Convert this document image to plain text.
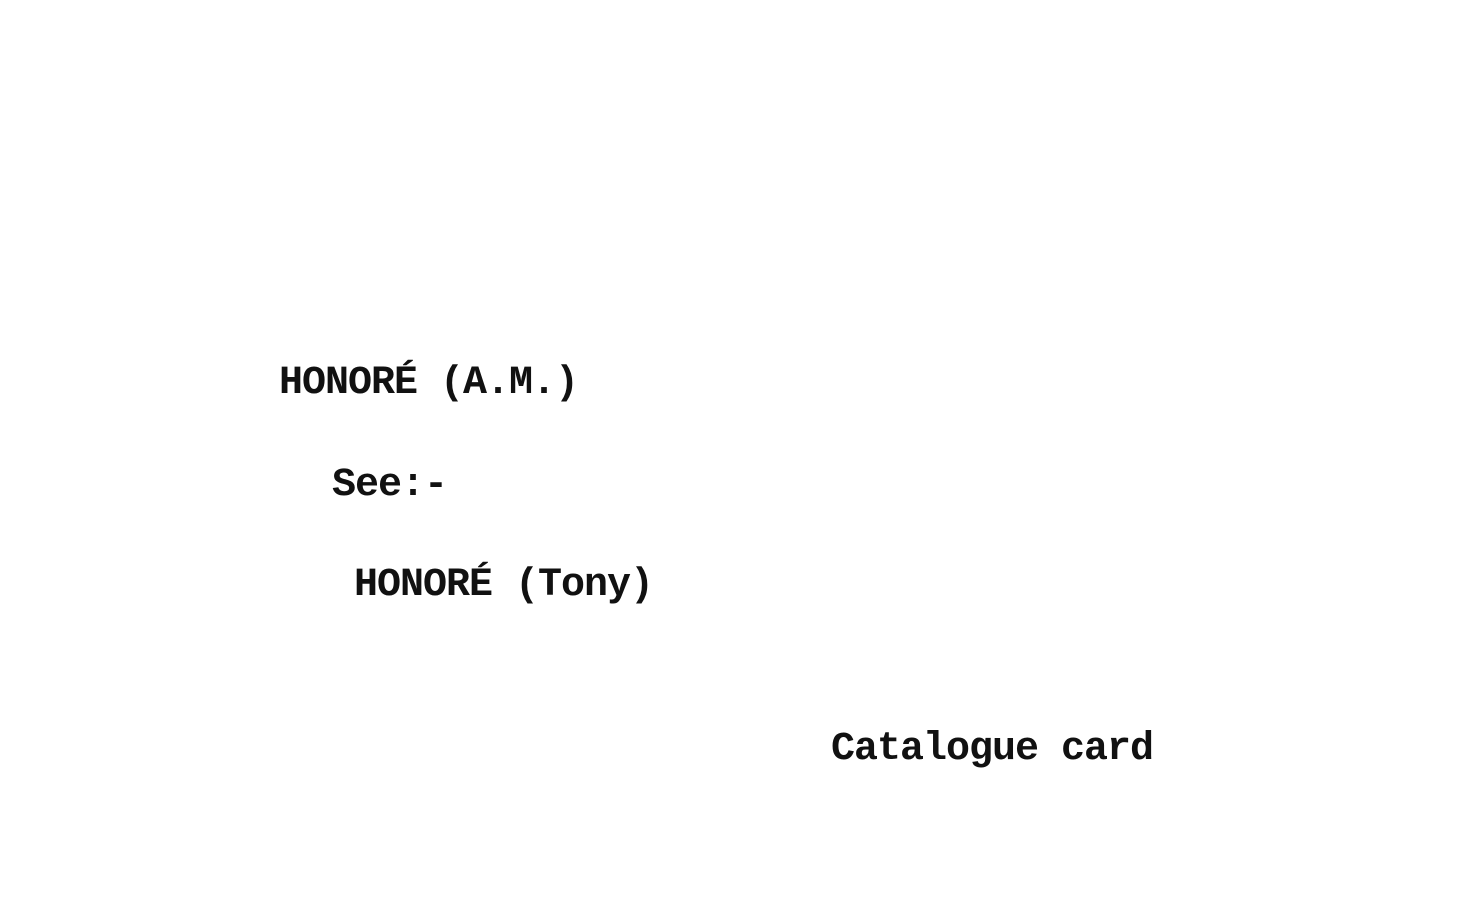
HONORÉ (A.M.)

See:-

HONORÉ (Tony)

Catalogue card
